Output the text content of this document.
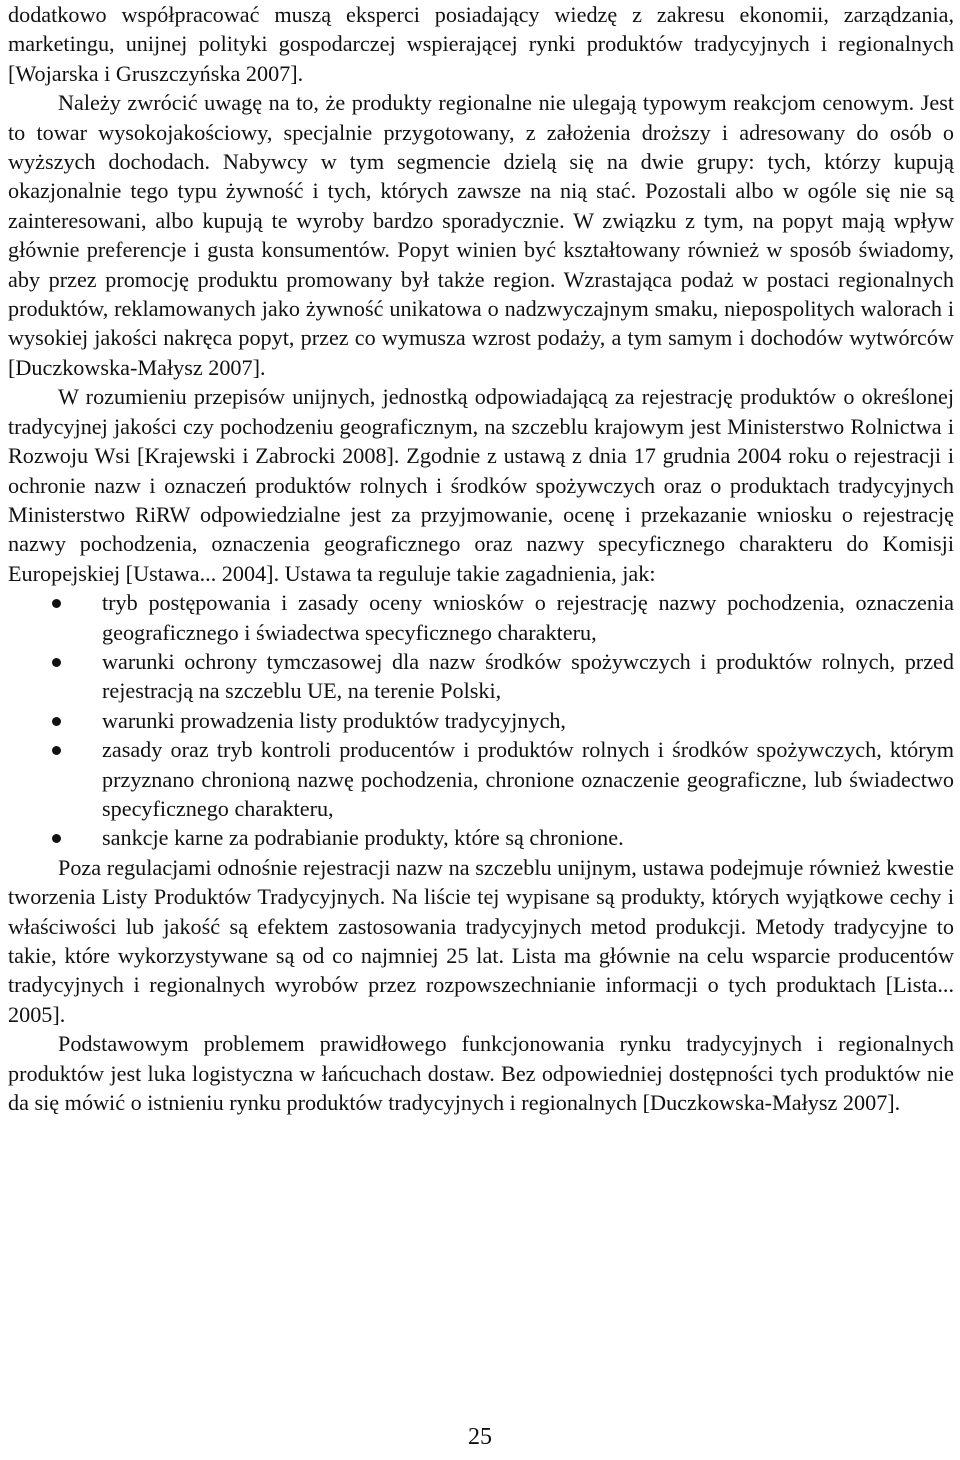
dodatkowo współpracować muszą eksperci posiadający wiedzę z zakresu ekonomii, zarządzania, marketingu, unijnej polityki gospodarczej wspierającej rynki produktów tradycyjnych i regionalnych [Wojarska i Gruszczyńska 2007].

Należy zwrócić uwagę na to, że produkty regionalne nie ulegają typowym reakcjom cenowym. Jest to towar wysokojakościowy, specjalnie przygotowany, z założenia droższy i adresowany do osób o wyższych dochodach. Nabywcy w tym segmencie dzielą się na dwie grupy: tych, którzy kupują okazjonalnie tego typu żywność i tych, których zawsze na nią stać. Pozostali albo w ogóle się nie są zainteresowani, albo kupują te wyroby bardzo sporadycznie. W związku z tym, na popyt mają wpływ głównie preferencje i gusta konsumentów. Popyt winien być kształtowany również w sposób świadomy, aby przez promocję produktu promowany był także region. Wzrastająca podaż w postaci regionalnych produktów, reklamowanych jako żywność unikatowa o nadzwyczajnym smaku, niepospolitych walorach i wysokiej jakości nakręca popyt, przez co wymusza wzrost podaży, a tym samym i dochodów wytwórców [Duczkowska-Małysz 2007].

W rozumieniu przepisów unijnych, jednostką odpowiadającą za rejestrację produktów o określonej tradycyjnej jakości czy pochodzeniu geograficznym, na szczeblu krajowym jest Ministerstwo Rolnictwa i Rozwoju Wsi [Krajewski i Zabrocki 2008]. Zgodnie z ustawą z dnia 17 grudnia 2004 roku o rejestracji i ochronie nazw i oznaczeń produktów rolnych i środków spożywczych oraz o produktach tradycyjnych Ministerstwo RiRW odpowiedzialne jest za przyjmowanie, ocenę i przekazanie wniosku o rejestrację nazwy pochodzenia, oznaczenia geograficznego oraz nazwy specyficznego charakteru do Komisji Europejskiej [Ustawa... 2004]. Ustawa ta reguluje takie zagadnienia, jak:

tryb postępowania i zasady oceny wniosków o rejestrację nazwy pochodzenia, oznaczenia geograficznego i świadectwa specyficznego charakteru,
warunki ochrony tymczasowej dla nazw środków spożywczych i produktów rolnych, przed rejestracją na szczeblu UE, na terenie Polski,
warunki prowadzenia listy produktów tradycyjnych,
zasady oraz tryb kontroli producentów i produktów rolnych i środków spożywczych, którym przyznano chronioną nazwę pochodzenia, chronione oznaczenie geograficzne, lub świadectwo specyficznego charakteru,
sankcje karne za podrabianie produkty, które są chronione.

Poza regulacjami odnośnie rejestracji nazw na szczeblu unijnym, ustawa podejmuje również kwestie tworzenia Listy Produktów Tradycyjnych. Na liście tej wypisane są produkty, których wyjątkowe cechy i właściwości lub jakość są efektem zastosowania tradycyjnych metod produkcji. Metody tradycyjne to takie, które wykorzystywane są od co najmniej 25 lat. Lista ma głównie na celu wsparcie producentów tradycyjnych i regionalnych wyrobów przez rozpowszechnianie informacji o tych produktach [Lista... 2005].

Podstawowym problemem prawidłowego funkcjonowania rynku tradycyjnych i regionalnych produktów jest luka logistyczna w łańcuchach dostaw. Bez odpowiedniej dostępności tych produktów nie da się mówić o istnieniu rynku produktów tradycyjnych i regionalnych [Duczkowska-Małysz 2007].

25
